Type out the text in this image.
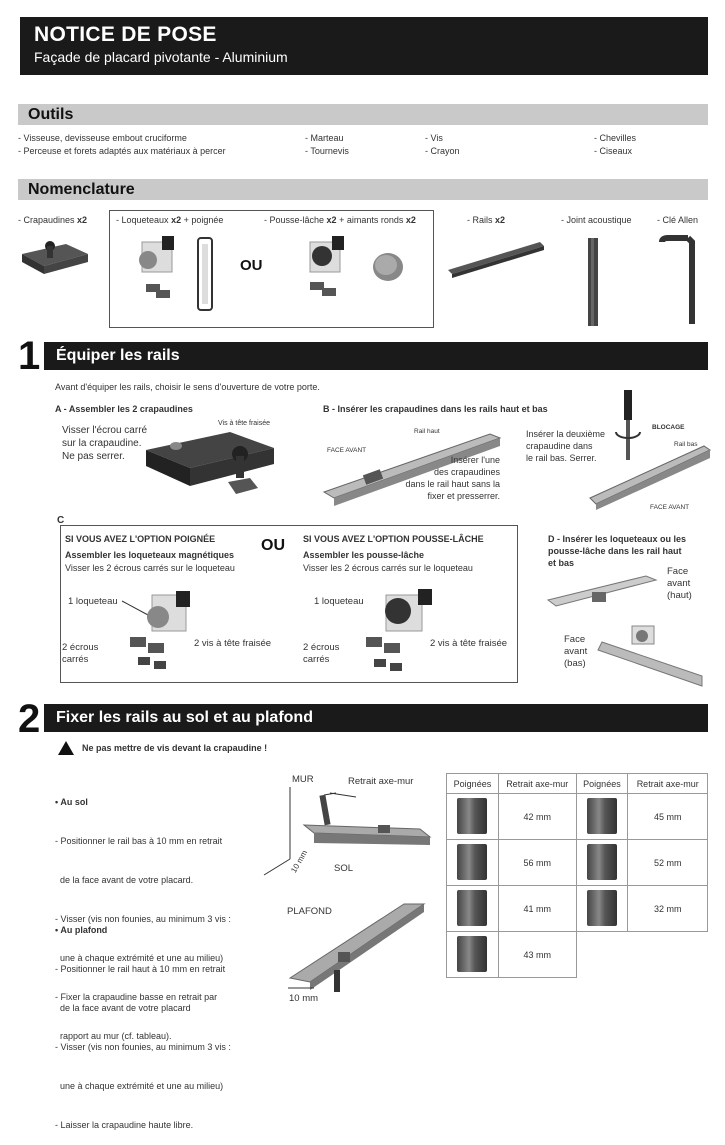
NOTICE DE POSE
Façade de placard pivotante - Aluminium
Outils
- Visseuse, devisseuse embout cruciforme
- Perceuse et forets adaptés aux matériaux à percer
- Marteau
- Tournevis
- Vis
- Crayon
- Chevilles
- Ciseaux
Nomenclature
- Crapaudines x2	- Loqueteaux x2 + poignée
OU
- Pousse-lâche x2 + aimants ronds x2	- Rails x2	- Joint acoustique	- Clé Allen
1 Équiper les rails
Avant d'équiper les rails, choisir le sens d'ouverture de votre porte.
A - Assembler les 2 crapaudines
Visser l'écrou carré
sur la crapaudine.
Ne pas serrer.
Vis à tête fraisée
B - Insérer les crapaudines dans les rails haut et bas
FACE AVANT
Rail haut
Insérer l'une
des crapaudines
dans le rail haut sans la
fixer et presserrer.
Insérer la deuxième
crapaudine dans
le rail bas. Serrer.
BLOCAGE
Rail bas
FACE AVANT
C
SI VOUS AVEZ L'OPTION POIGNÉE
Assembler les loqueteaux magnétiques
Visser les 2 écrous carrés sur le loqueteau
1 loqueteau
2 écrous
carrés
2 vis à tête fraisée
OU SI VOUS AVEZ L'OPTION POUSSE-LÂCHE
Assembler les pousse-lâche
Visser les 2 écrous carrés sur le loqueteau
1 loqueteau
2 écrous
carrés
2 vis à tête fraisée
D - Insérer les loqueteaux ou les
pousse-lâche dans les rail haut
et bas
Face
avant
(haut)
Face
avant
(bas)
2 Fixer les rails au sol et au plafond
Ne pas mettre de vis devant la crapaudine !

• Au sol

- Positionner le rail bas à 10 mm en retrait

de la face avant de votre placard.

- Visser (vis non founies, au minimum 3 vis :

une à chaque extrémité et une au milieu)

- Fixer la crapaudine basse en retrait par

rapport au mur (cf. tableau).

• Au plafond

- Positionner le rail haut à 10 mm en retrait

de la face avant de votre placard

- Visser (vis non founies, au minimum 3 vis :

une à chaque extrémité et une au milieu)

- Laisser la crapaudine haute libre.

MUR	Retrait axe-mur
10 mm	SOL
PLAFOND
10 mm
Poignées	Retrait axe-mur	Poignées	Retrait axe-mur
	42 mm		45 mm
	56 mm		52 mm
	41 mm		32 mm
	43 mm		
